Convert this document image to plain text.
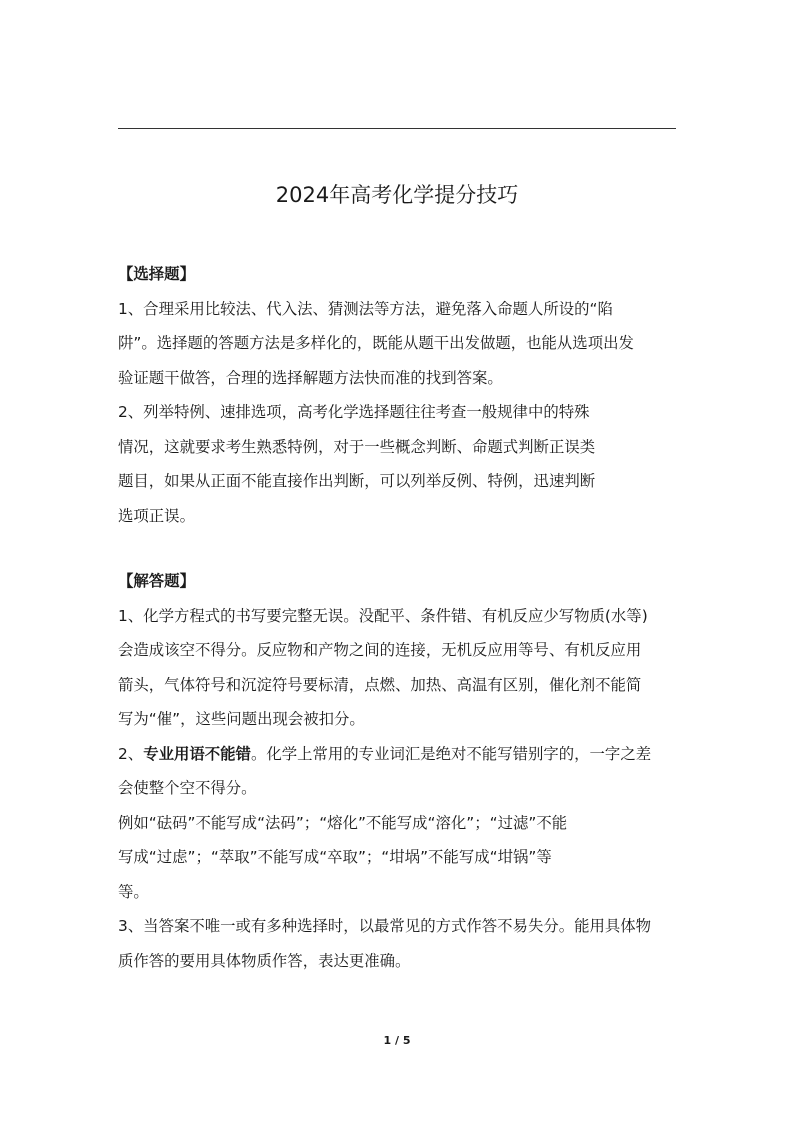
2024年高考化学提分技巧
【选择题】
1、合理采用比较法、代入法、猜测法等方法，避免落入命题人所设的“陷
阱”。选择题的答题方法是多样化的，既能从题干出发做题，也能从选项出发
验证题干做答，合理的选择解题方法快而准的找到答案。
2、列举特例、速排选项，高考化学选择题往往考查一般规律中的特殊
情况，这就要求考生熟悉特例，对于一些概念判断、命题式判断正误类
题目，如果从正面不能直接作出判断，可以列举反例、特例，迅速判断
选项正误。
【解答题】
1、化学方程式的书写要完整无误。没配平、条件错、有机反应少写物质(水等)
会造成该空不得分。反应物和产物之间的连接，无机反应用等号、有机反应用
箭头，气体符号和沉淀符号要标清，点燃、加热、高温有区别，催化剂不能简
写为“催”，这些问题出现会被扣分。
2、专业用语不能错。化学上常用的专业词汇是绝对不能写错别字的，一字之差
会使整个空不得分。
例如“砝码”不能写成“法码”；“熔化”不能写成“溶化”；“过滤”不能
写成“过虑”；“萃取”不能写成“卒取”；“坩埚”不能写成“坩锅”等
等。
3、当答案不唯一或有多种选择时，以最常见的方式作答不易失分。能用具体物
质作答的要用具体物质作答，表达更准确。
1 / 5
